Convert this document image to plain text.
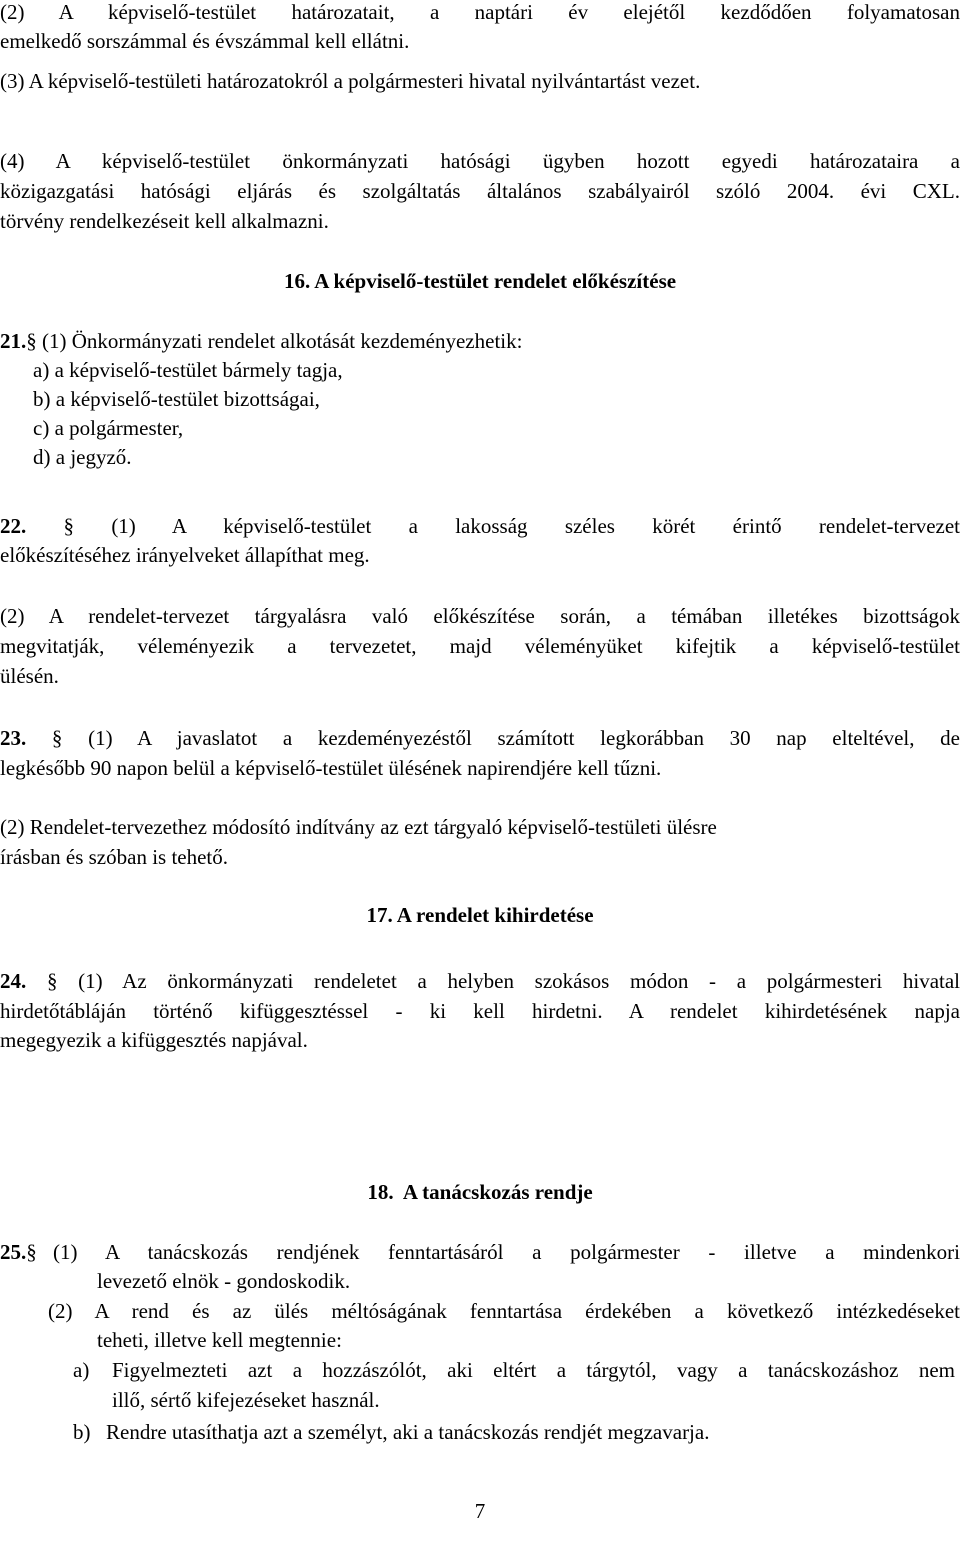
(2) A képviselő-testület határozatait, a naptári év elejétől kezdődően folyamatosan

emelkedő sorszámmal és évszámmal kell ellátni.

(3) A képviselő-testületi határozatokról a polgármesteri hivatal nyilvántartást vezet.

(4) A képviselő-testület önkormányzati hatósági ügyben hozott egyedi határozataira a

közigazgatási hatósági eljárás és szolgáltatás általános szabályairól szóló 2004. évi CXL.

törvény rendelkezéseit kell alkalmazni.

16. A képviselő-testület rendelet előkészítése

21.§ (1) Önkormányzati rendelet alkotását kezdeményezhetik:

a) a képviselő-testület bármely tagja,

b) a képviselő-testület bizottságai,

c) a polgármester,

d) a jegyző.

22. § (1) A képviselő-testület a lakosság széles körét érintő rendelet-tervezet

előkészítéséhez irányelveket állapíthat meg.

(2) A rendelet-tervezet tárgyalásra való előkészítése során, a témában illetékes bizottságok

megvitatják, véleményezik a tervezetet, majd véleményüket kifejtik a képviselő-testület

ülésén.

23. § (1) A javaslatot a kezdeményezéstől számított legkorábban 30 nap elteltével, de

legkésőbb 90 napon belül a képviselő-testület ülésének napirendjére kell tűzni.

(2) Rendelet-tervezethez módosító indítvány az ezt tárgyaló képviselő-testületi ülésre

írásban és szóban is tehető.

17. A rendelet kihirdetése

24. § (1) Az önkormányzati rendeletet a helyben szokásos módon - a polgármesteri hivatal

hirdetőtábláján történő kifüggesztéssel - ki kell hirdetni. A rendelet kihirdetésének napja

megegyezik a kifüggesztés napjával.

18.  A tanácskozás rendje

25.§ (1) A tanácskozás rendjének fenntartásáról a polgármester - illetve a mindenkori

levezető elnök - gondoskodik.

(2) A rend és az ülés méltóságának fenntartása érdekében a következő intézkedéseket

teheti, illetve kell megtennie:

a) Figyelmezteti azt a hozzászólót, aki eltért a tárgytól, vagy a tanácskozáshoz nem

illő, sértő kifejezéseket használ.

b) Rendre utasíthatja azt a személyt, aki a tanácskozás rendjét megzavarja.

7
